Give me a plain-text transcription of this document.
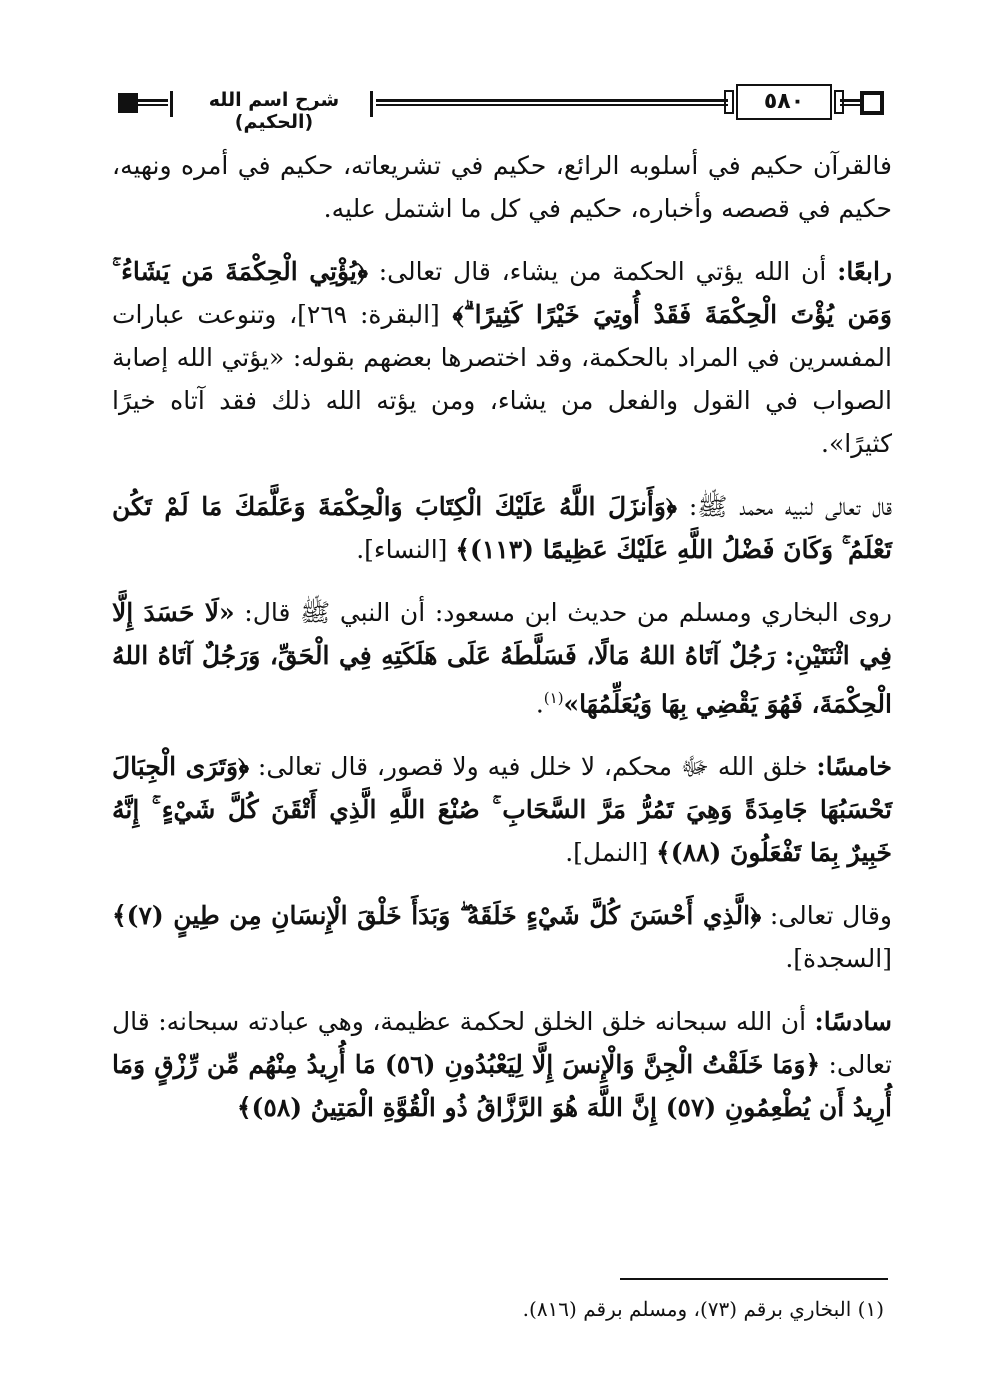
شرح اسم الله (الحكيم)
٥٨٠

فالقرآن حكيم في أسلوبه الرائع، حكيم في تشريعاته، حكيم في أمره ونهيه، حكيم في قصصه وأخباره، حكيم في كل ما اشتمل عليه.

رابعًا: أن الله يؤتي الحكمة من يشاء، قال تعالى: ﴿يُؤْتِي الْحِكْمَةَ مَن يَشَاءُ ۚ وَمَن يُؤْتَ الْحِكْمَةَ فَقَدْ أُوتِيَ خَيْرًا كَثِيرًا ۗ﴾ [البقرة: ٢٦٩]، وتنوعت عبارات المفسرين في المراد بالحكمة، وقد اختصرها بعضهم بقوله: «يؤتي الله إصابة الصواب في القول والفعل من يشاء، ومن يؤته الله ذلك فقد آتاه خيرًا كثيرًا».

قال تعالى لنبيه محمد ﷺ: ﴿وَأَنزَلَ اللَّهُ عَلَيْكَ الْكِتَابَ وَالْحِكْمَةَ وَعَلَّمَكَ مَا لَمْ تَكُن تَعْلَمُ ۚ وَكَانَ فَضْلُ اللَّهِ عَلَيْكَ عَظِيمًا (١١٣)﴾ [النساء].

روى البخاري ومسلم من حديث ابن مسعود: أن النبي ﷺ قال: «لَا حَسَدَ إِلَّا فِي اثْنَتَيْنِ: رَجُلٌ آتَاهُ اللهُ مَالًا، فَسَلَّطَهُ عَلَى هَلَكَتِهِ فِي الْحَقِّ، وَرَجُلٌ آتَاهُ اللهُ الْحِكْمَةَ، فَهُوَ يَقْضِي بِهَا وَيُعَلِّمُهَا»$^{(١)}$.

خامسًا: خلق الله ﷻ محكم، لا خلل فيه ولا قصور، قال تعالى: ﴿وَتَرَى الْجِبَالَ تَحْسَبُهَا جَامِدَةً وَهِيَ تَمُرُّ مَرَّ السَّحَابِ ۚ صُنْعَ اللَّهِ الَّذِي أَتْقَنَ كُلَّ شَيْءٍ ۚ إِنَّهُ خَبِيرٌ بِمَا تَفْعَلُونَ (٨٨)﴾ [النمل].

وقال تعالى: ﴿الَّذِي أَحْسَنَ كُلَّ شَيْءٍ خَلَقَهُ ۖ وَبَدَأَ خَلْقَ الْإِنسَانِ مِن طِينٍ (٧)﴾ [السجدة].

سادسًا: أن الله سبحانه خلق الخلق لحكمة عظيمة، وهي عبادته سبحانه: قال تعالى: ﴿وَمَا خَلَقْتُ الْجِنَّ وَالْإِنسَ إِلَّا لِيَعْبُدُونِ (٥٦) مَا أُرِيدُ مِنْهُم مِّن رِّزْقٍ وَمَا أُرِيدُ أَن يُطْعِمُونِ (٥٧) إِنَّ اللَّهَ هُوَ الرَّزَّاقُ ذُو الْقُوَّةِ الْمَتِينُ (٥٨)﴾

(١) البخاري برقم (٧٣)، ومسلم برقم (٨١٦).
